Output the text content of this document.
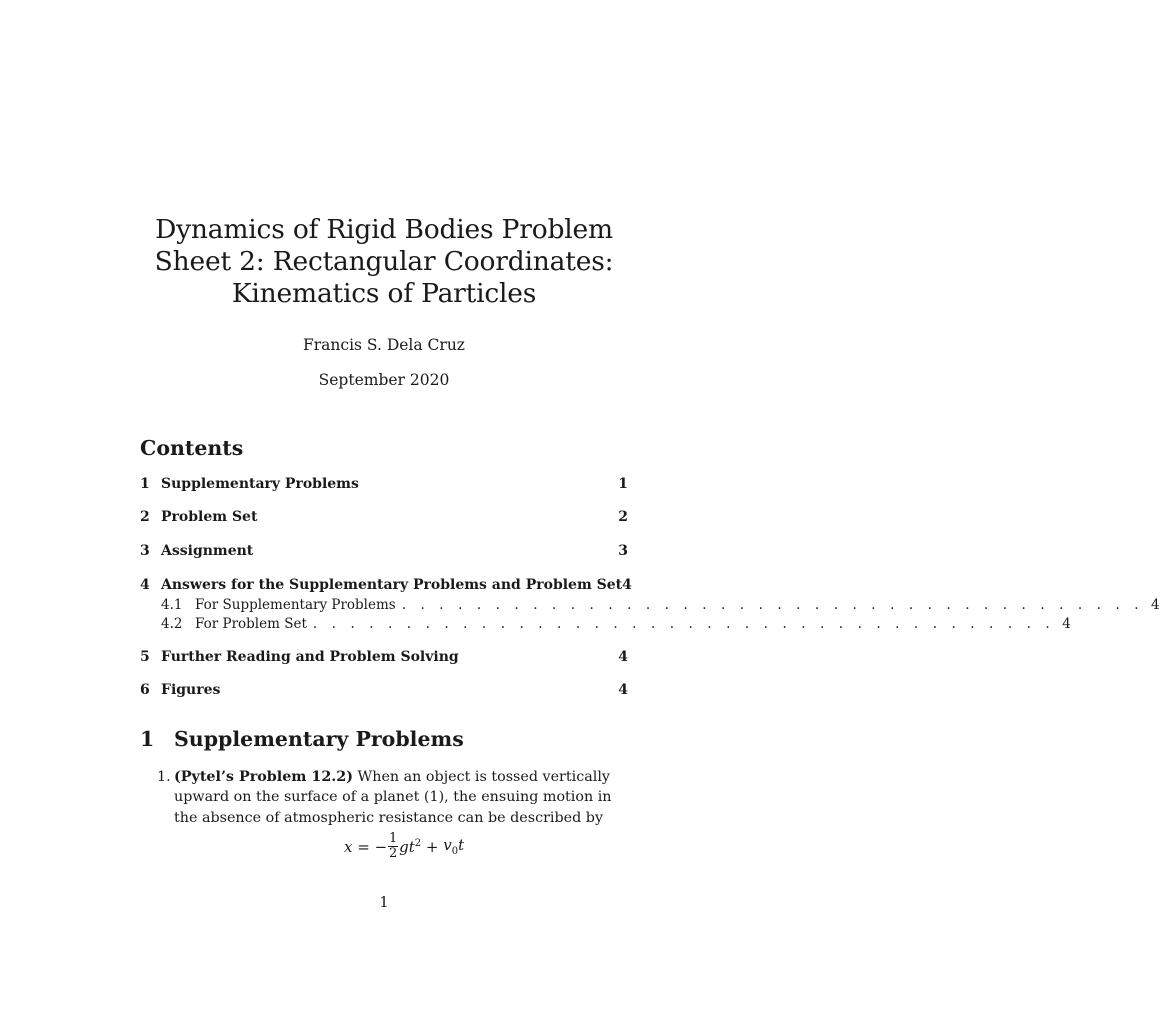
Dynamics of Rigid Bodies Problem Sheet 2: Rectangular Coordinates: Kinematics of Particles
Francis S. Dela Cruz
September 2020
Contents
1 Supplementary Problems	1
2 Problem Set	2
3 Assignment	3
4 Answers for the Supplementary Problems and Problem Set 4
4.1 For Supplementary Problems . . . . . . . . . . . . . . . . . . . . . . . . . . . . . . . . . . . . . . . . 4
4.2 For Problem Set . . . . . . . . . . . . . . . . . . . . . . . . . . . . . . . . . . . . . . . . 4
5 Further Reading and Problem Solving	4
6 Figures	4
1 Supplementary Problems
1. (Pytel’s Problem 12.2) When an object is tossed vertically upward on the surface of a planet (1), the ensuing motion in the absence of atmospheric resistance can be described by
x = − $\frac{1}{2} gt^2 + v_0t$
1
